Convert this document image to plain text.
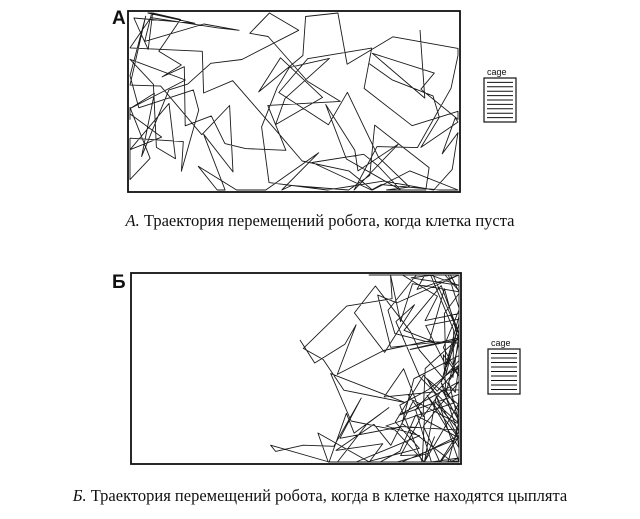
А
Б
cage
cage
А. Траектория перемещений робота, когда клетка пуста
Б. Траектория перемещений робота, когда в клетке находятся цыплята
